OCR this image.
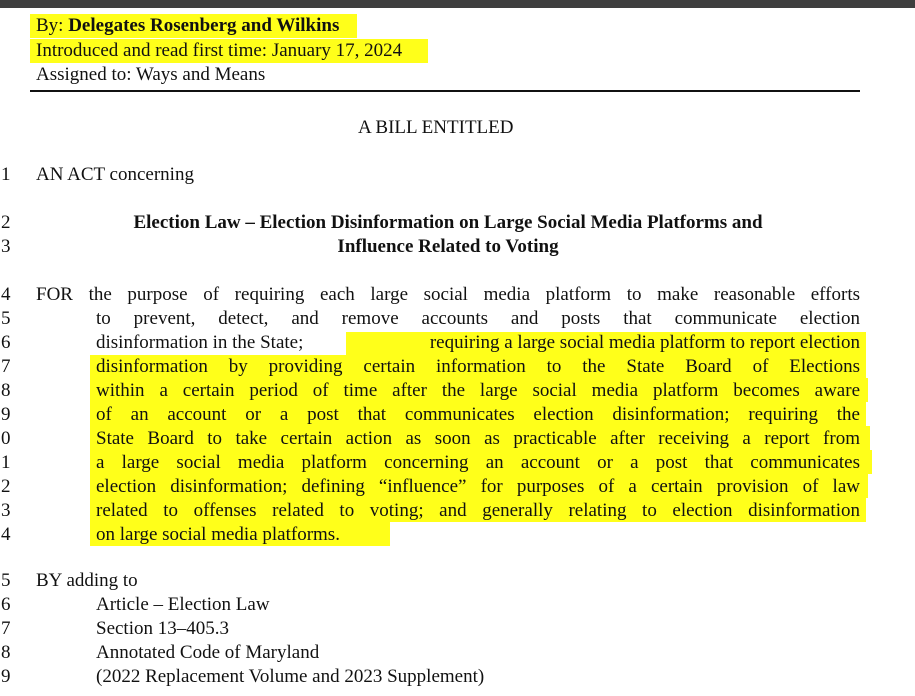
By: Delegates Rosenberg and Wilkins
Introduced and read first time: January 17, 2024
Assigned to: Ways and Means
A BILL ENTITLED
1
2
3
4
5
6
7
8
9
0
1
2
3
4
5
6
7
8
9
AN ACT concerning
Election Law – Election Disinformation on Large Social Media Platforms and
Influence Related to Voting
FOR the purpose of requiring each large social media platform to make reasonable efforts
to prevent, detect, and remove accounts and posts that communicate election
disinformation in the State;	requiring a large social media platform to report election
disinformation by providing certain information to the State Board of Elections
within a certain period of time after the large social media platform becomes aware
of an account or a post that communicates election disinformation; requiring the
State Board to take certain action as soon as practicable after receiving a report from
a large social media platform concerning an account or a post that communicates
election disinformation; defining “influence” for purposes of a certain provision of law
related to offenses related to voting; and generally relating to election disinformation
on large social media platforms.
BY adding to
Article – Election Law
Section 13–405.3
Annotated Code of Maryland
(2022 Replacement Volume and 2023 Supplement)
